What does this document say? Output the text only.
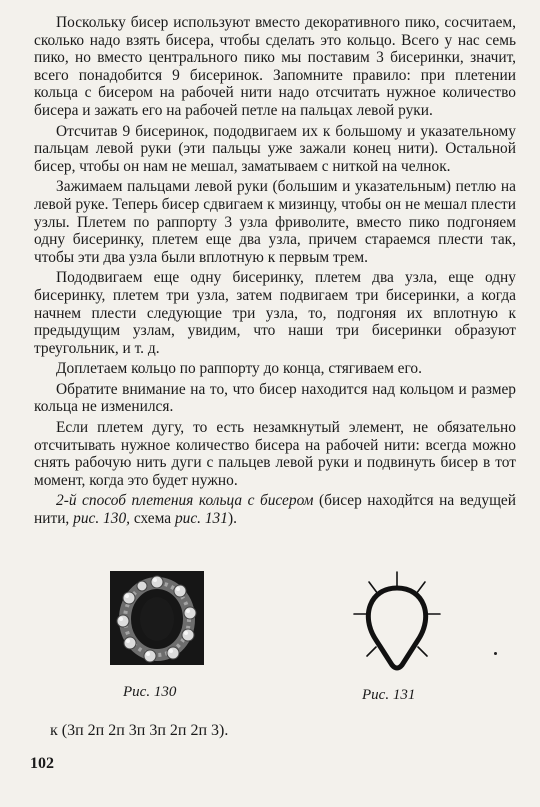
Поскольку бисер используют вместо декоративного пико, сосчитаем, сколько надо взять бисера, чтобы сделать это кольцо. Всего у нас семь пико, но вместо центрального пико мы поставим 3 бисеринки, значит, всего понадобится 9 бисеринок. Запомните правило: при плетении кольца с бисером на рабочей нити надо отсчитать нужное количество бисера и зажать его на рабочей петле на пальцах левой руки.

Отсчитав 9 бисеринок, пододвигаем их к большому и указательному пальцам левой руки (эти пальцы уже зажали конец нити). Остальной бисер, чтобы он нам не мешал, заматываем с ниткой на челнок.

Зажимаем пальцами левой руки (большим и указательным) петлю на левой руке. Теперь бисер сдвигаем к мизинцу, чтобы он не мешал плести узлы. Плетем по раппорту 3 узла фриволите, вместо пико подгоняем одну бисеринку, плетем еще два узла, причем стараемся плести так, чтобы эти два узла были вплотную к первым трем.

Пододвигаем еще одну бисеринку, плетем два узла, еще одну бисеринку, плетем три узла, затем подвигаем три бисеринки, а когда начнем плести следующие три узла, то, подгоняя их вплотную к предыдущим узлам, увидим, что наши три бисеринки образуют треугольник, и т. д.

Доплетаем кольцо по раппорту до конца, стягиваем его.

Обратите внимание на то, что бисер находится над кольцом и размер кольца не изменился.

Если плетем дугу, то есть незамкнутый элемент, не обязательно отсчитывать нужное количество бисера на рабочей нити: всегда можно снять рабочую нить дуги с пальцев левой руки и подвинуть бисер в тот момент, когда это будет нужно.

2-й способ плетения кольца с бисером (бисер находйтся на ведущей нити, рис. 130, схема рис. 131).

Рис. 130	Рис. 131
к (3п 2п 2п 3п 3п 2п 2п 3).
102
